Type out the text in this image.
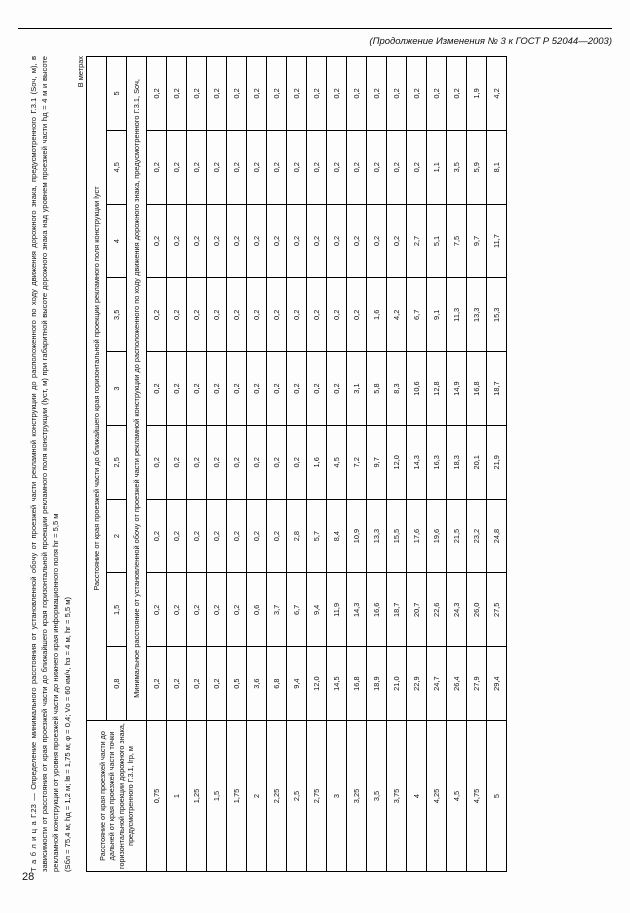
(Продолжение Изменения № 3 к ГОСТ Р 52044—2003)
28
Т а б л и ц а Г.23 — Определение минимального расстояния от установленной обочу от проезжей части рекламной конструкции до расположенного по ходу движения дорожного знака, предусмотренного Г.3.1 (Sоч, м), в зависимости от расстояния от края проезжей части до ближайшего края горизонтальной проекции рекламного поля конструкции (lуст, м) при габаритной высоте дорожного знака над уровнем проезжей части hд = 4 м и высоте рекламной конструкции от уровня проезжей части до нижнего края информационного поля hг = 5,5 м (Sбл = 75,4 м; hд = 1,2 м; lв = 1,75 м; φ = 0,4; Vо = 60 км/ч, hз = 4 м, hг = 5,5 м)
В метрах
Расстояние от края проезжей части до дальней от края проезжей части точки горизонтальной проекции дорожного знака, предусмотренного Г.3.1, lгр, м	Расстояние от края проезжей части до ближайшего края горизонтальной проекции рекламного поля конструкции lуст								
	0,8	1,5	2	2,5	3	3,5	4	4,5	5
	Минимальное расстояние от установленной обочу от проезжей части рекламной конструкции до расположенного по ходу движения дорожного знака, предусмотренного Г.3.1, Sоч,								
0,75	0,2	0,2	0,2	0,2	0,2	0,2	0,2	0,2	0,2
1	0,2	0,2	0,2	0,2	0,2	0,2	0,2	0,2	0,2
1,25	0,2	0,2	0,2	0,2	0,2	0,2	0,2	0,2	0,2
1,5	0,2	0,2	0,2	0,2	0,2	0,2	0,2	0,2	0,2
1,75	0,5	0,2	0,2	0,2	0,2	0,2	0,2	0,2	0,2
2	3,6	0,6	0,2	0,2	0,2	0,2	0,2	0,2	0,2
2,25	6,8	3,7	0,2	0,2	0,2	0,2	0,2	0,2	0,2
2,5	9,4	6,7	2,8	0,2	0,2	0,2	0,2	0,2	0,2
2,75	12,0	9,4	5,7	1,6	0,2	0,2	0,2	0,2	0,2
3	14,5	11,9	8,4	4,5	0,2	0,2	0,2	0,2	0,2
3,25	16,8	14,3	10,9	7,2	3,1	0,2	0,2	0,2	0,2
3,5	18,9	16,6	13,3	9,7	5,8	1,6	0,2	0,2	0,2
3,75	21,0	18,7	15,5	12,0	8,3	4,2	0,2	0,2	0,2
4	22,9	20,7	17,6	14,3	10,6	6,7	2,7	0,2	0,2
4,25	24,7	22,6	19,6	16,3	12,8	9,1	5,1	1,1	0,2
4,5	26,4	24,3	21,5	18,3	14,9	11,3	7,5	3,5	0,2
4,75	27,9	26,0	23,2	20,1	16,8	13,3	9,7	5,9	1,9
5	29,4	27,5	24,8	21,9	18,7	15,3	11,7	8,1	4,2
